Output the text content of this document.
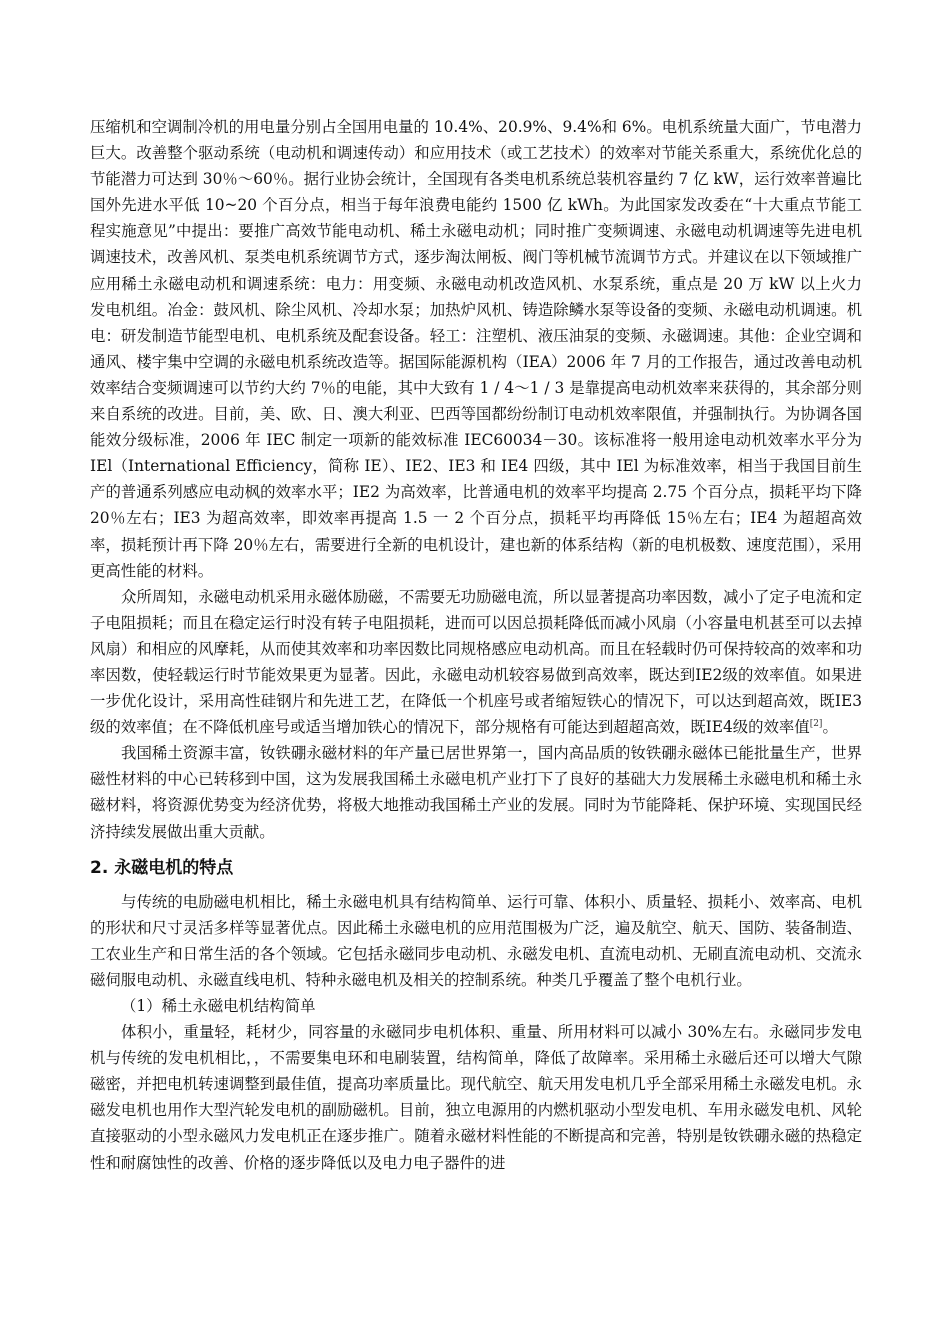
压缩机和空调制冷机的用电量分别占全国用电量的 10.4%、20.9%、9.4%和 6%。电机系统量大面广，节电潜力巨大。改善整个驱动系统（电动机和调速传动）和应用技术（或工艺技术）的效率对节能关系重大，系统优化总的节能潜力可达到 30％～60％。据行业协会统计，全国现有各类电机系统总装机容量约 7 亿 kW，运行效率普遍比国外先进水平低 10~20 个百分点，相当于每年浪费电能约 1500 亿 kWh。为此国家发改委在“十大重点节能工程实施意见”中提出：要推广高效节能电动机、稀土永磁电动机；同时推广变频调速、永磁电动机调速等先进电机调速技术，改善风机、泵类电机系统调节方式，逐步淘汰闸板、阀门等机械节流调节方式。并建议在以下领域推广应用稀土永磁电动机和调速系统：电力：用变频、永磁电动机改造风机、水泵系统，重点是 20 万 kW 以上火力发电机组。冶金：鼓风机、除尘风机、冷却水泵；加热炉风机、铸造除鳞水泵等设备的变频、永磁电动机调速。机电：研发制造节能型电机、电机系统及配套设备。轻工：注塑机、液压油泵的变频、永磁调速。其他：企业空调和通风、楼宇集中空调的永磁电机系统改造等。据国际能源机构（IEA）2006 年 7 月的工作报告，通过改善电动机效率结合变频调速可以节约大约 7％的电能，其中大致有 1 / 4～1 / 3 是靠提高电动机效率来获得的，其余部分则来自系统的改进。目前，美、欧、日、澳大利亚、巴西等国都纷纷制订电动机效率限值，并强制执行。为协调各国能效分级标准，2006 年 IEC 制定一项新的能效标准 IEC60034－30。该标准将一般用途电动机效率水平分为 IEl（International Efficiency，简称 IE）、IE2、IE3 和 IE4 四级，其中 IEl 为标准效率，相当于我国目前生产的普通系列感应电动枫的效率水平；IE2 为高效率，比普通电机的效率平均提高 2.75 个百分点，损耗平均下降 20％左右；IE3 为超高效率，即效率再提高 1.5 一 2 个百分点，损耗平均再降低 15％左右；IE4 为超超高效率，损耗预计再下降 20％左右，需要进行全新的电机设计，建也新的体系结构（新的电机极数、速度范围），采用更高性能的材料。

众所周知，永磁电动机采用永磁体励磁，不需要无功励磁电流，所以显著提高功率因数，减小了定子电流和定子电阻损耗；而且在稳定运行时没有转子电阻损耗，进而可以因总损耗降低而减小风扇（小容量电机甚至可以去掉风扇）和相应的风摩耗，从而使其效率和功率因数比同规格感应电动机高。而且在轻载时仍可保持较高的效率和功率因数，使轻载运行时节能效果更为显著。因此，永磁电动机较容易做到高效率，既达到IE2级的效率值。如果进一步优化设计，采用高性硅钢片和先进工艺，在降低一个机座号或者缩短铁心的情况下，可以达到超高效，既IE3级的效率值；在不降低机座号或适当增加铁心的情况下，部分规格有可能达到超超高效，既IE4级的效率值[2]。

我国稀土资源丰富，钕铁硼永磁材料的年产量已居世界第一，国内高品质的钕铁硼永磁体已能批量生产，世界磁性材料的中心已转移到中国，这为发展我国稀土永磁电机产业打下了良好的基础大力发展稀土永磁电机和稀土永磁材料，将资源优势变为经济优势，将极大地推动我国稀土产业的发展。同时为节能降耗、保护环境、实现国民经济持续发展做出重大贡献。

2. 永磁电机的特点

与传统的电励磁电机相比，稀土永磁电机具有结构简单、运行可靠、体积小、质量轻、损耗小、效率高、电机的形状和尺寸灵活多样等显著优点。因此稀土永磁电机的应用范围极为广泛，遍及航空、航天、国防、装备制造、工农业生产和日常生活的各个领域。它包括永磁同步电动机、永磁发电机、直流电动机、无刷直流电动机、交流永磁伺服电动机、永磁直线电机、特种永磁电机及相关的控制系统。种类几乎覆盖了整个电机行业。

（1）稀土永磁电机结构简单

体积小，重量轻，耗材少，同容量的永磁同步电机体积、重量、所用材料可以减小 30%左右。永磁同步发电机与传统的发电机相比，，不需要集电环和电刷装置，结构简单，降低了故障率。采用稀土永磁后还可以增大气隙磁密，并把电机转速调整到最佳值，提高功率质量比。现代航空、航天用发电机几乎全部采用稀土永磁发电机。永磁发电机也用作大型汽轮发电机的副励磁机。目前，独立电源用的内燃机驱动小型发电机、车用永磁发电机、风轮直接驱动的小型永磁风力发电机正在逐步推广。随着永磁材料性能的不断提高和完善，特别是钕铁硼永磁的热稳定性和耐腐蚀性的改善、价格的逐步降低以及电力电子器件的进
